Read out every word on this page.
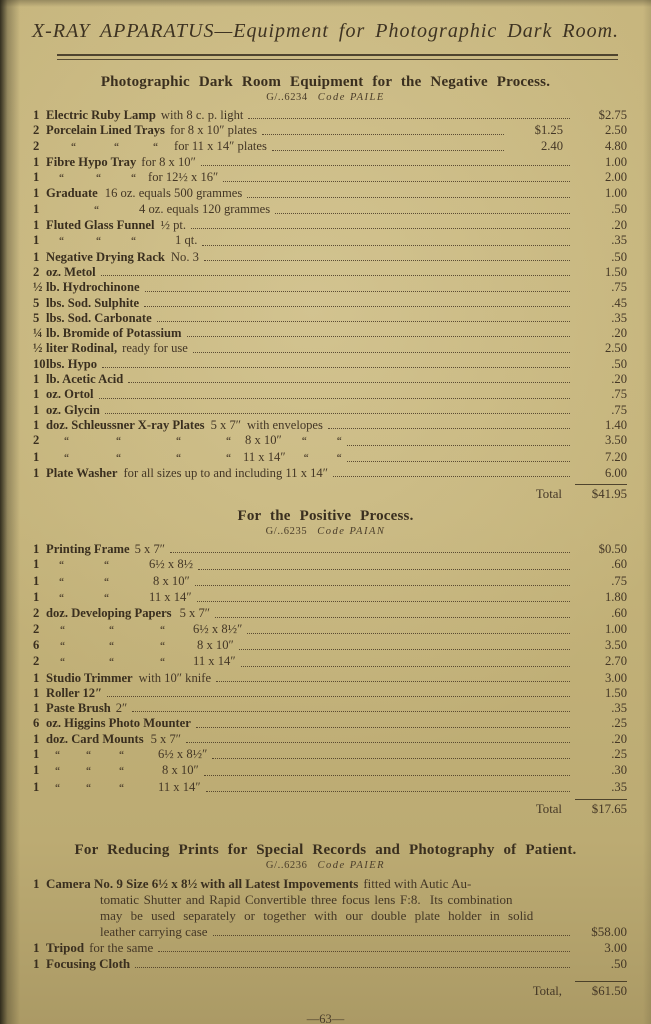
X-RAY APPARATUS—Equipment for Photographic Dark Room.
Photographic Dark Room Equipment for the Negative Process.
G/..6234 Code PAILE
1 Electric Ruby Lamp with 8 c. p. light	$2.75
2 Porcelain Lined Trays for 8 x 10″ plates	$1.25	2.50
2	“	“	“ for 11 x 14″ plates	2.40	4.80
1 Fibre Hypo Tray for 8 x 10″	1.00
1	“	“	“ for 12½ x 16″	2.00
1 Graduate 16 oz. equals 500 grammes	1.00
1	“	4 oz. equals 120 grammes	.50
1 Fluted Glass Funnel ½ pt.	.20
1	“	“	“	1 qt.	.35
1 Negative Drying Rack No. 3	.50
2 oz. Metol	1.50
½ lb. Hydrochinone	.75
5 lbs. Sod. Sulphite	.45
5 lbs. Sod. Carbonate	.35
¼ lb. Bromide of Potassium	.20
½ liter Rodinal, ready for use	2.50
10 lbs. Hypo	.50
1 lb. Acetic Acid	.20
1 oz. Ortol	.75
1 oz. Glycin	.75
1 doz. Schleussner X-ray Plates 5 x 7″ with envelopes	1.40
2	“	“	“	“ 8 x 10″ “	“	3.50
1	“	“	“	“ 11 x 14″ “	“	7.20
1 Plate Washer for all sizes up to and including 11 x 14″	6.00
Total	$41.95
For the Positive Process.
G/..6235 Code PAIAN
1 Printing Frame 5 x 7″	$0.50
1	“	“	6½ x 8½	.60
1	“	“	8 x 10″	.75
1	“	“	11 x 14″	1.80
2 doz. Developing Papers 5 x 7″	.60
2	“	“	“ 6½ x 8½″	1.00
6	“	“	“	8 x 10″	3.50
2	“	“	“ 11 x 14″	2.70
1 Studio Trimmer with 10″ knife	3.00
1 Roller 12″	1.50
1 Paste Brush 2″	.35
6 oz. Higgins Photo Mounter	.25
1 doz. Card Mounts 5 x 7″	.20
1	“	“	“	6½ x 8½″	.25
1	“	“	“	8 x 10″	.30
1	“	“	“	11 x 14″	.35
Total	$17.65
For Reducing Prints for Special Records and Photography of Patient.
G/..6236 Code PAIER
1 Camera No. 9 Size 6½ x 8½ with all Latest Impovements fitted with Autic Au-
tomatic Shutter and Rapid Convertible three focus lens F:8.  Its combination
may be used separately or together with our double plate holder in solid
leather carrying case	$58.00
1 Tripod for the same	3.00
1 Focusing Cloth	.50
Total,	$61.50
—63—
